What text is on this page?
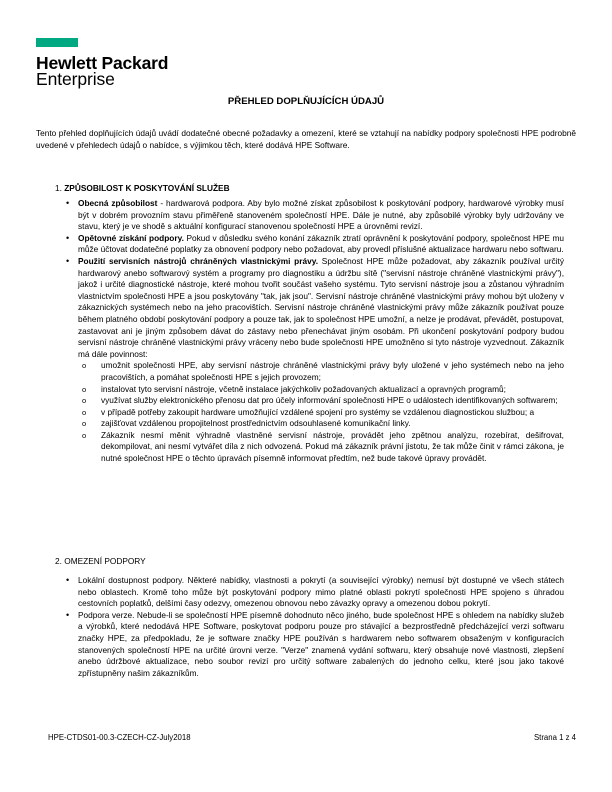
Hewlett Packard
Enterprise
PŘEHLED DOPLŇUJÍCÍCH ÚDAJŮ

Tento přehled doplňujících údajů uvádí dodatečné obecné požadavky a omezení, které se vztahují na nabídky podpory společnosti HPE podrobně uvedené v přehledech údajů o nabídce, s výjimkou těch, které dodává HPE Software.

1. ZPŮSOBILOST K POSKYTOVÁNÍ SLUŽEB
• Obecná způsobilost - hardwarová podpora. Aby bylo možné získat způsobilost k poskytování podpory, hardwarové výrobky musí být v dobrém provozním stavu přiměřeně stanoveném společností HPE. Dále je nutné, aby způsobilé výrobky byly udržovány ve stavu, který je ve shodě s aktuální konfigurací stanovenou společností HPE a úrovněmi revizí.
• Opětovné získání podpory. Pokud v důsledku svého konání zákazník ztratí oprávnění k poskytování podpory, společnost HPE mu může účtovat dodatečné poplatky za obnovení podpory nebo požadovat, aby provedl příslušné aktualizace hardwaru nebo softwaru.
• Použití servisních nástrojů chráněných vlastnickými právy. Společnost HPE může požadovat, aby zákazník používal určitý hardwarový anebo softwarový systém a programy pro diagnostiku a údržbu sítě ("servisní nástroje chráněné vlastnickými právy"), jakož i určité diagnostické nástroje, které mohou tvořit součást vašeho systému. Tyto servisní nástroje jsou a zůstanou výhradním vlastnictvím společnosti HPE a jsou poskytovány "tak, jak jsou". Servisní nástroje chráněné vlastnickými právy mohou být uloženy v zákaznických systémech nebo na jeho pracovištích. Servisní nástroje chráněné vlastnickými právy může zákazník používat pouze během platného období poskytování podpory a pouze tak, jak to společnost HPE umožní, a nelze je prodávat, převádět, postupovat, zastavovat ani je jiným způsobem dávat do zástavy nebo přenechávat jiným osobám. Při ukončení poskytování podpory budou servisní nástroje chráněné vlastnickými právy vráceny nebo bude společnosti HPE umožněno si tyto nástroje vyzvednout. Zákazník má dále povinnost:
o umožnit společnosti HPE, aby servisní nástroje chráněné vlastnickými právy byly uložené v jeho systémech nebo na jeho pracovištích, a pomáhat společnosti HPE s jejich provozem;
o instalovat tyto servisní nástroje, včetně instalace jakýchkoliv požadovaných aktualizací a opravných programů;
o využívat služby elektronického přenosu dat pro účely informování společnosti HPE o událostech identifikovaných softwarem;
o v případě potřeby zakoupit hardware umožňující vzdálené spojení pro systémy se vzdálenou diagnostickou službou; a
o zajišťovat vzdálenou propojitelnost prostřednictvím odsouhlasené komunikační linky.
o Zákazník nesmí měnit výhradně vlastněné servisní nástroje, provádět jeho zpětnou analýzu, rozebírat, dešifrovat, dekompilovat, ani nesmí vytvářet díla z nich odvozená. Pokud má zákazník právní jistotu, že tak může činit v rámci zákona, je nutné společnost HPE o těchto úpravách písemně informovat předtím, než bude takové úpravy provádět.
2. OMEZENÍ PODPORY
• Lokální dostupnost podpory. Některé nabídky, vlastnosti a pokrytí (a související výrobky) nemusí být dostupné ve všech státech nebo oblastech. Kromě toho může být poskytování podpory mimo platné oblasti pokrytí společnosti HPE spojeno s úhradou cestovních poplatků, delšími časy odezvy, omezenou obnovou nebo závazky opravy a omezenou dobou pokrytí.
• Podpora verze. Nebude-li se společností HPE písemně dohodnuto něco jiného, bude společnost HPE s ohledem na nabídky služeb a výrobků, které nedodává HPE Software, poskytovat podporu pouze pro stávající a bezprostředně předcházející verzi softwaru značky HPE, za předpokladu, že je software značky HPE používán s hardwarem nebo softwarem obsaženým v konfiguracích stanovených společností HPE na určité úrovni verze. "Verze" znamená vydání softwaru, který obsahuje nové vlastnosti, zlepšení anebo údržbové aktualizace, nebo soubor revizí pro určitý software zabalených do jednoho celku, které jsou jako takové zpřístupněny našim zákazníkům.
HPE-CTDS01-00.3-CZECH-CZ-July2018	Strana 1 z 4
